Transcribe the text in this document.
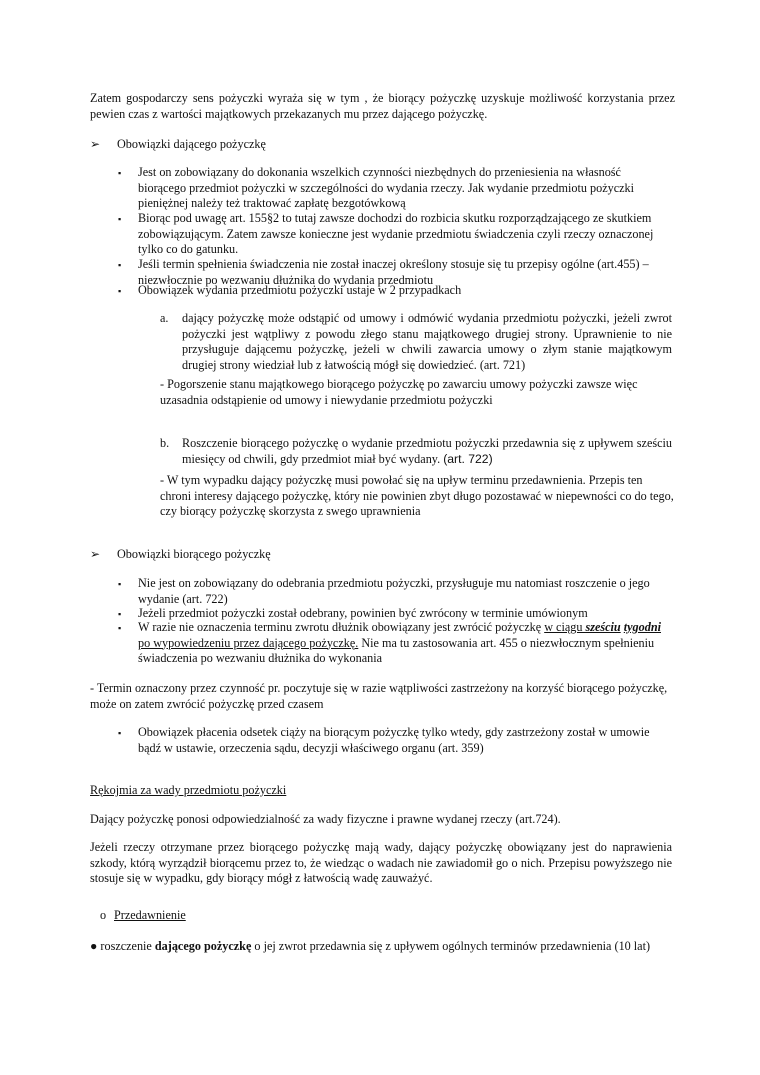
Zatem gospodarczy sens pożyczki wyraża się w tym , że biorący pożyczkę uzyskuje możliwość korzystania przez pewien czas z wartości majątkowych przekazanych mu przez dającego pożyczkę.
➢	Obowiązki dającego pożyczkę
▪	Jest on zobowiązany do dokonania wszelkich czynności niezbędnych do przeniesienia na własność biorącego przedmiot pożyczki w szczególności do wydania rzeczy. Jak wydanie przedmiotu pożyczki pieniężnej należy też traktować zapłatę bezgotówkową
▪	Biorąc pod uwagę art. 155§2 to tutaj zawsze dochodzi do rozbicia skutku rozporządzającego ze skutkiem zobowiązującym. Zatem zawsze konieczne jest wydanie przedmiotu świadczenia czyli rzeczy oznaczonej tylko co do gatunku.
▪	Jeśli termin spełnienia świadczenia nie został inaczej określony stosuje się tu przepisy ogólne (art.455) – niezwłocznie po wezwaniu dłużnika do wydania przedmiotu
▪	Obowiązek wydania przedmiotu pożyczki ustaje w 2 przypadkach
a. dający pożyczkę może odstąpić od umowy i odmówić wydania przedmiotu pożyczki, jeżeli zwrot pożyczki jest wątpliwy z powodu złego stanu majątkowego drugiej strony. Uprawnienie to nie przysługuje dającemu pożyczkę, jeżeli w chwili zawarcia umowy o złym stanie majątkowym drugiej strony wiedział lub z łatwością mógł się dowiedzieć. (art. 721)
- Pogorszenie stanu majątkowego biorącego pożyczkę po zawarciu umowy pożyczki zawsze więc uzasadnia odstąpienie od umowy i niewydanie przedmiotu pożyczki
b. Roszczenie biorącego pożyczkę o wydanie przedmiotu pożyczki przedawnia się z upływem sześciu miesięcy od chwili, gdy przedmiot miał być wydany. (art. 722)
- W tym wypadku dający pożyczkę musi powołać się na upływ terminu przedawnienia. Przepis ten chroni interesy dającego pożyczkę, który nie powinien zbyt długo pozostawać w niepewności co do tego, czy biorący pożyczkę skorzysta z swego uprawnienia
➢	Obowiązki biorącego pożyczkę
▪	Nie jest on zobowiązany do odebrania przedmiotu pożyczki, przysługuje mu natomiast roszczenie o jego wydanie (art. 722)
▪	Jeżeli przedmiot pożyczki został odebrany, powinien być zwrócony w terminie umówionym
▪	W razie nie oznaczenia terminu zwrotu dłużnik obowiązany jest zwrócić pożyczkę w ciągu sześciu tygodni po wypowiedzeniu przez dającego pożyczkę. Nie ma tu zastosowania art. 455 o niezwłocznym spełnieniu świadczenia po wezwaniu dłużnika do wykonania
- Termin oznaczony przez czynność pr. poczytuje się w razie wątpliwości zastrzeżony na korzyść biorącego pożyczkę, może on zatem zwrócić pożyczkę przed czasem
▪	Obowiązek płacenia odsetek ciąży na biorącym pożyczkę tylko wtedy, gdy zastrzeżony został w umowie bądź w ustawie, orzeczenia sądu, decyzji właściwego organu (art. 359)
Rękojmia za wady przedmiotu pożyczki
Dający pożyczkę ponosi odpowiedzialność za wady fizyczne i prawne wydanej rzeczy (art.724).
Jeżeli rzeczy otrzymane przez biorącego pożyczkę mają wady, dający pożyczkę obowiązany jest do naprawienia szkody, którą wyrządził biorącemu przez to, że wiedząc o wadach nie zawiadomił go o nich. Przepisu powyższego nie stosuje się w wypadku, gdy biorący mógł z łatwością wadę zauważyć.
o Przedawnienie
● roszczenie dającego pożyczkę o jej zwrot przedawnia się z upływem ogólnych terminów przedawnienia (10 lat)
